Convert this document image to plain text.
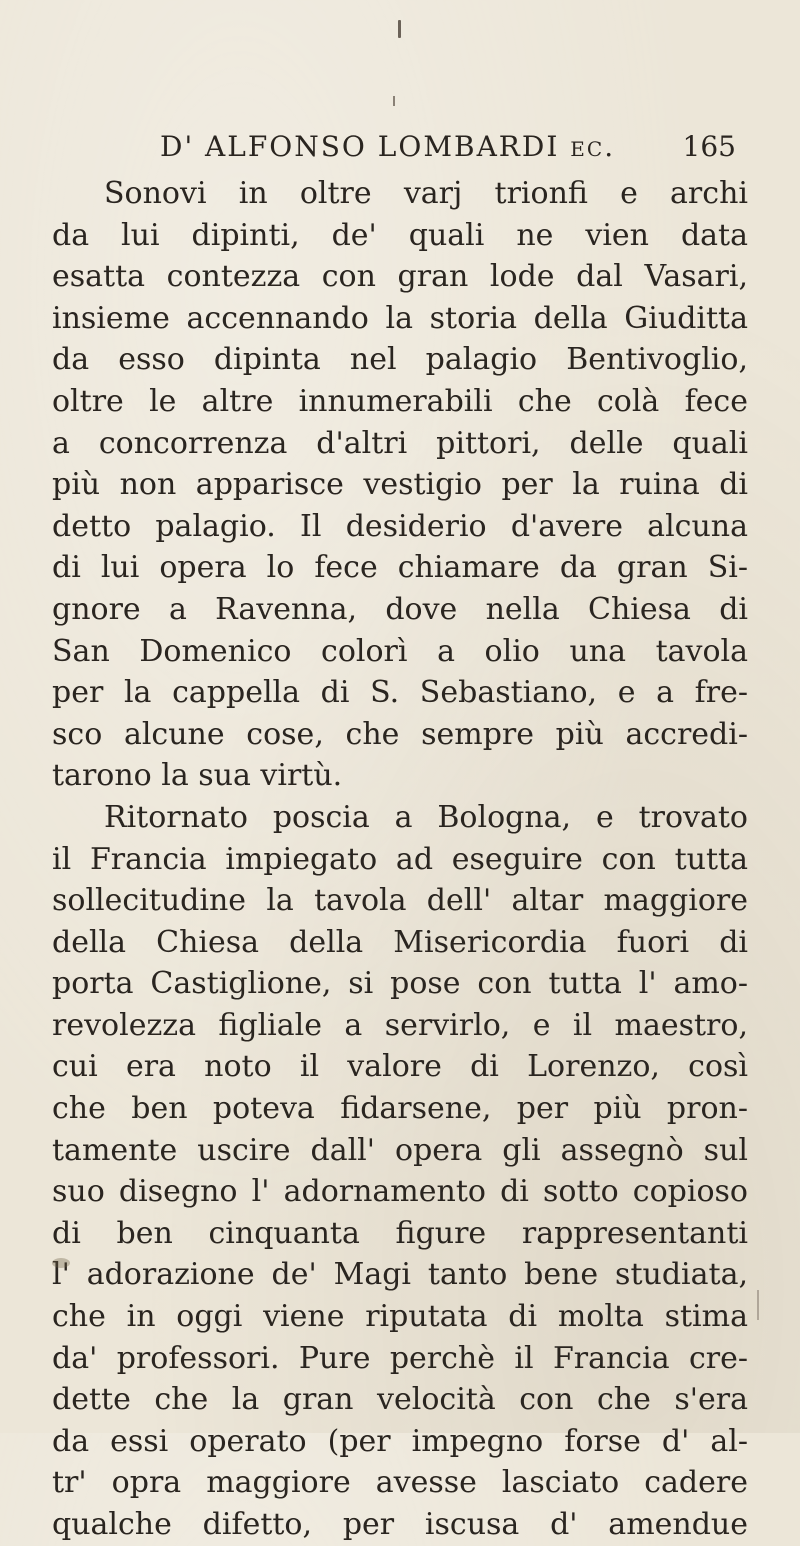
D' ALFONSO LOMBARDI ec. 165
Sonovi in oltre varj trionfi e archi
da lui dipinti, de' quali ne vien data
esatta contezza con gran lode dal Vasari,
insieme accennando la storia della Giuditta
da esso dipinta nel palagio Bentivoglio,
oltre le altre innumerabili che colà fece
a concorrenza d'altri pittori, delle quali
più non apparisce vestigio per la ruina di
detto palagio. Il desiderio d'avere alcuna
di lui opera lo fece chiamare da gran Si-
gnore a Ravenna, dove nella Chiesa di
San Domenico colorì a olio una tavola
per la cappella di S. Sebastiano, e a fre-
sco alcune cose, che sempre più accredi-
tarono la sua virtù.
Ritornato poscia a Bologna, e trovato
il Francia impiegato ad eseguire con tutta
sollecitudine la tavola dell' altar maggiore
della Chiesa della Misericordia fuori di
porta Castiglione, si pose con tutta l' amo-
revolezza figliale a servirlo, e il maestro,
cui era noto il valore di Lorenzo, così
che ben poteva fidarsene, per più pron-
tamente uscire dall' opera gli assegnò sul
suo disegno l' adornamento di sotto copioso
di ben cinquanta figure rappresentanti
l' adorazione de' Magi tanto bene studiata,
che in oggi viene riputata di molta stima
da' professori. Pure perchè il Francia cre-
dette che la gran velocità con che s'era
da essi operato (per impegno forse d' al-
tr' opra maggiore avesse lasciato cadere
qualche difetto, per iscusa d' amendue
